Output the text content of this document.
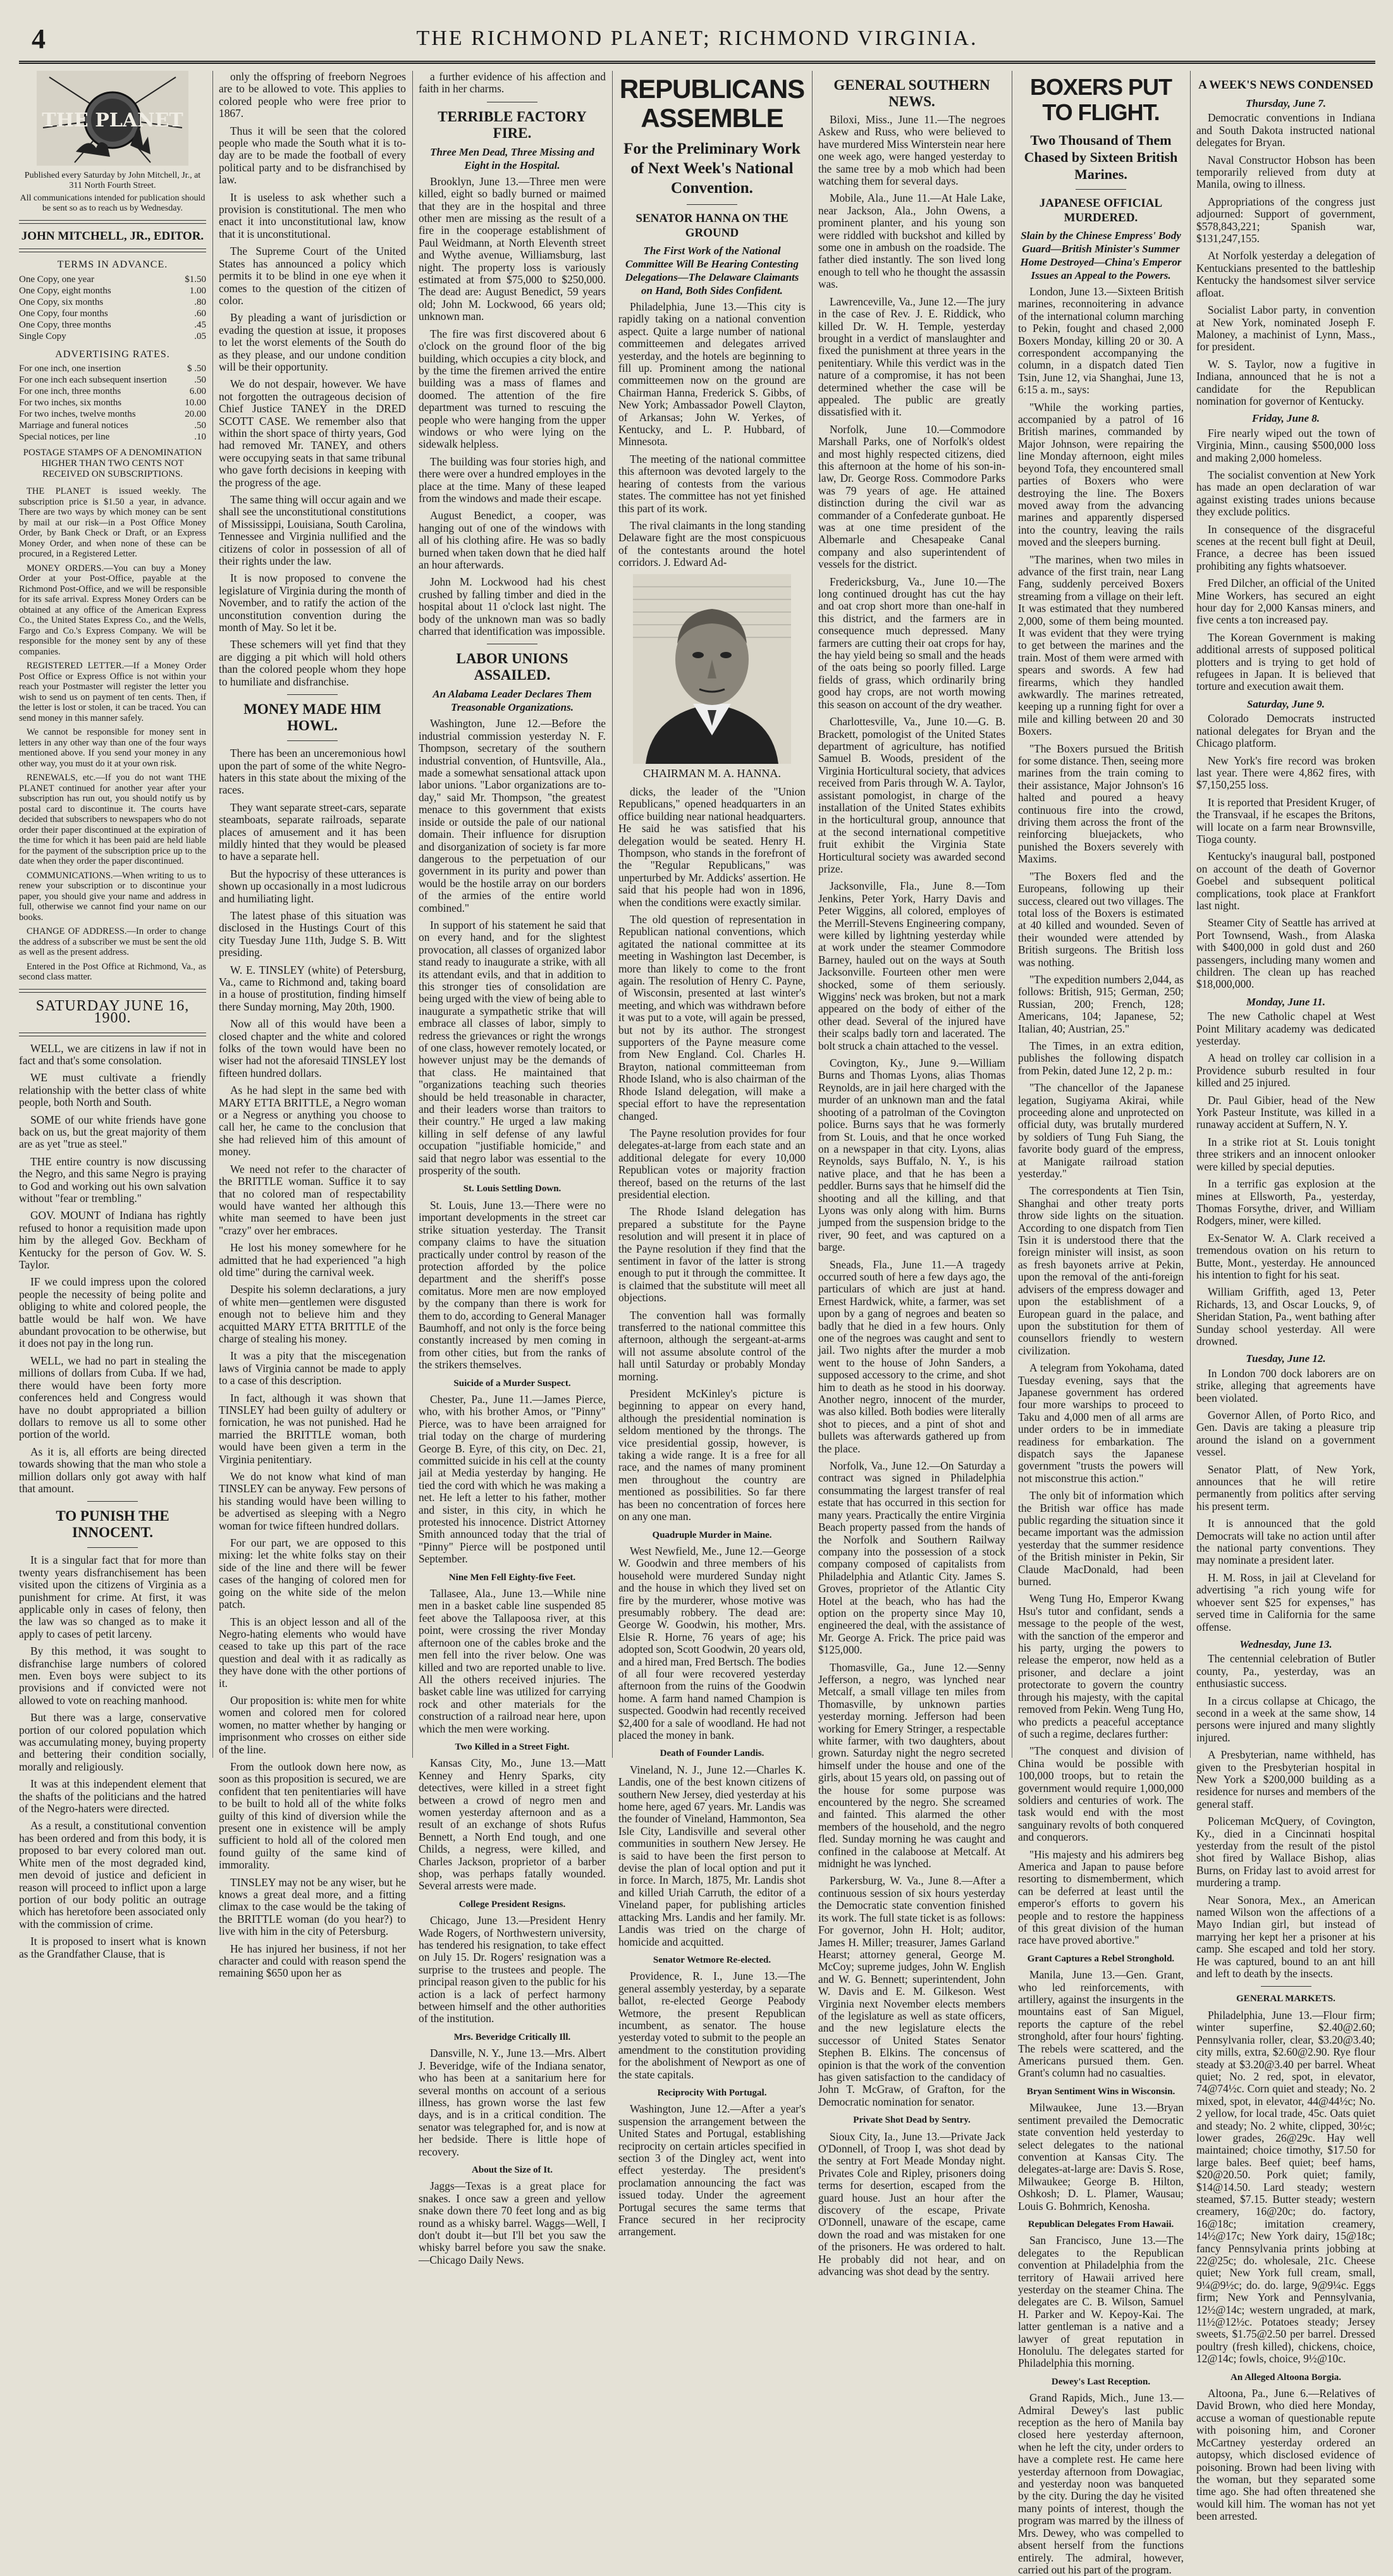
4	THE RICHMOND PLANET; RICHMOND VIRGINIA.
THE PLANET
Published every Saturday by John Mitchell, Jr., at 311 North Fourth Street.
All communications intended for publication should be sent so as to reach us by Wednesday.
JOHN MITCHELL, JR., EDITOR.
TERMS IN ADVANCE.
One Copy, one year	$1.50
One Copy, eight months	1.00
One Copy, six months	.80
One Copy, four months	.60
One Copy, three months	.45
Single Copy	.05
ADVERTISING RATES.
For one inch, one insertion	$ .50
For one inch each subsequent insertion	.50
For one inch, three months	6.00
For two inches, six months	10.00
For two inches, twelve months	20.00
Marriage and funeral notices	.50
Special notices, per line	.10
POSTAGE STAMPS OF A DENOMINATION HIGHER THAN TWO CENTS NOT RECEIVED ON SUBSCRIPTIONS.

THE PLANET is issued weekly. The subscription price is $1.50 a year, in advance. There are two ways by which money can be sent by mail at our risk—in a Post Office Money Order, by Bank Check or Draft, or an Express Money Order, and when none of these can be procured, in a Registered Letter.

MONEY ORDERS.—You can buy a Money Order at your Post-Office, payable at the Richmond Post-Office, and we will be responsible for its safe arrival. Express Money Orders can be obtained at any office of the American Express Co., the United States Express Co., and the Wells, Fargo and Co.'s Express Company. We will be responsible for the money sent by any of these companies.

REGISTERED LETTER.—If a Money Order Post Office or Express Office is not within your reach your Postmaster will register the letter you wish to send us on payment of ten cents. Then, if the letter is lost or stolen, it can be traced. You can send money in this manner safely.

We cannot be responsible for money sent in letters in any other way than one of the four ways mentioned above. If you send your money in any other way, you must do it at your own risk.

RENEWALS, etc.—If you do not want THE PLANET continued for another year after your subscription has run out, you should notify us by postal card to discontinue it. The courts have decided that subscribers to newspapers who do not order their paper discontinued at the expiration of the time for which it has been paid are held liable for the payment of the subscription price up to the date when they order the paper discontinued.

COMMUNICATIONS.—When writing to us to renew your subscription or to discontinue your paper, you should give your name and address in full, otherwise we cannot find your name on our books.

CHANGE OF ADDRESS.—In order to change the address of a subscriber we must be sent the old as well as the present address.

Entered in the Post Office at Richmond, Va., as second class matter.

SATURDAY JUNE 16, 1900.

WELL, we are citizens in law if not in fact and that's some consolation.

WE must cultivate a friendly relationship with the better class of white people, both North and South.

SOME of our white friends have gone back on us, but the great majority of them are as yet "true as steel."

THE entire country is now discussing the Negro, and this same Negro is praying to God and working out his own salvation without "fear or trembling."

GOV. MOUNT of Indiana has rightly refused to honor a requisition made upon him by the alleged Gov. Beckham of Kentucky for the person of Gov. W. S. Taylor.

IF we could impress upon the colored people the necessity of being polite and obliging to white and colored people, the battle would be half won. We have abundant provocation to be otherwise, but it does not pay in the long run.

WELL, we had no part in stealing the millions of dollars from Cuba. If we had, there would have been forty more conferences held and Congress would have no doubt appropriated a billion dollars to remove us all to some other portion of the world.

As it is, all efforts are being directed towards showing that the man who stole a million dollars only got away with half that amount.

TO PUNISH THE INNOCENT.

It is a singular fact that for more than twenty years disfranchisement has been visited upon the citizens of Virginia as a punishment for crime. At first, it was applicable only in cases of felony, then the law was so changed as to make it apply to cases of petit larceny.

By this method, it was sought to disfranchise large numbers of colored men. Even boys were subject to its provisions and if convicted were not allowed to vote on reaching manhood.

But there was a large, conservative portion of our colored population which was accumulating money, buying property and bettering their condition socially, morally and religiously.

It was at this independent element that the shafts of the politicians and the hatred of the Negro-haters were directed.

As a result, a constitutional convention has been ordered and from this body, it is proposed to bar every colored man out. White men of the most degraded kind, men devoid of justice and deficient in reason will proceed to inflict upon a large portion of our body politic an outrage which has heretofore been associated only with the commission of crime.

It is proposed to insert what is known as the Grandfather Clause, that is

only the offspring of freeborn Negroes are to be allowed to vote. This applies to colored people who were free prior to 1867.

Thus it will be seen that the colored people who made the South what it is to-day are to be made the football of every political party and to be disfranchised by law.

It is useless to ask whether such a provision is constitutional. The men who enact it into unconstitutional law, know that it is unconstitutional.

The Supreme Court of the United States has announced a policy which permits it to be blind in one eye when it comes to the question of the citizen of color.

By pleading a want of jurisdiction or evading the question at issue, it proposes to let the worst elements of the South do as they please, and our undone condition will be their opportunity.

We do not despair, however. We have not forgotten the outrageous decision of Chief Justice TANEY in the DRED SCOTT CASE. We remember also that within the short space of thirty years, God had removed Mr. TANEY, and others were occupying seats in that same tribunal who gave forth decisions in keeping with the progress of the age.

The same thing will occur again and we shall see the unconstitutional constitutions of Mississippi, Louisiana, South Carolina, Tennessee and Virginia nullified and the citizens of color in possession of all of their rights under the law.

It is now proposed to convene the legislature of Virginia during the month of November, and to ratify the action of the unconstitution convention during the month of May. So let it be.

These schemers will yet find that they are digging a pit which will hold others than the colored people whom they hope to humiliate and disfranchise.

MONEY MADE HIM HOWL.

There has been an unceremonious howl upon the part of some of the white Negro-haters in this state about the mixing of the races.

They want separate street-cars, separate steamboats, separate railroads, separate places of amusement and it has been mildly hinted that they would be pleased to have a separate hell.

But the hypocrisy of these utterances is shown up occasionally in a most ludicrous and humiliating light.

The latest phase of this situation was disclosed in the Hustings Court of this city Tuesday June 11th, Judge S. B. Witt presiding.

W. E. TINSLEY (white) of Petersburg, Va., came to Richmond and, taking board in a house of prostitution, finding himself there Sunday morning, May 20th, 1900.

Now all of this would have been a closed chapter and the white and colored folks of the town would have been no wiser had not the aforesaid TINSLEY lost fifteen hundred dollars.

As he had slept in the same bed with MARY ETTA BRITTLE, a Negro woman or a Negress or anything you choose to call her, he came to the conclusion that she had relieved him of this amount of money.

We need not refer to the character of the BRITTLE woman. Suffice it to say that no colored man of respectability would have wanted her although this white man seemed to have been just "crazy" over her embraces.

He lost his money somewhere for he admitted that he had experienced "a high old time" during the carnival week.

Despite his solemn declarations, a jury of white men—gentlemen were disgusted enough not to believe him and they acquitted MARY ETTA BRITTLE of the charge of stealing his money.

It was a pity that the miscegenation laws of Virginia cannot be made to apply to a case of this description.

In fact, although it was shown that TINSLEY had been guilty of adultery or fornication, he was not punished. Had he married the BRITTLE woman, both would have been given a term in the Virginia penitentiary.

We do not know what kind of man TINSLEY can be anyway. Few persons of his standing would have been willing to be advertised as sleeping with a Negro woman for twice fifteen hundred dollars.

For our part, we are opposed to this mixing: let the white folks stay on their side of the line and there will be fewer cases of the hanging of colored men for going on the white side of the melon patch.

This is an object lesson and all of the Negro-hating elements who would have ceased to take up this part of the race question and deal with it as radically as they have done with the other portions of it.

Our proposition is: white men for white women and colored men for colored women, no matter whether by hanging or imprisonment who crosses on either side of the line.

From the outlook down here now, as soon as this proposition is secured, we are confident that ten penitentiaries will have to be built to hold all of the white folks guilty of this kind of diversion while the present one in existence will be amply sufficient to hold all of the colored men found guilty of the same kind of immorality.

TINSLEY may not be any wiser, but he knows a great deal more, and a fitting climax to the case would be the taking of the BRITTLE woman (do you hear?) to live with him in the city of Petersburg.

He has injured her business, if not her character and could with reason spend the remaining $650 upon her as

a further evidence of his affection and faith in her charms.

TERRIBLE FACTORY FIRE.
Three Men Dead, Three Missing and Eight in the Hospital.

Brooklyn, June 13.—Three men were killed, eight so badly burned or maimed that they are in the hospital and three other men are missing as the result of a fire in the cooperage establishment of Paul Weidmann, at North Eleventh street and Wythe avenue, Williamsburg, last night. The property loss is variously estimated at from $75,000 to $250,000. The dead are: August Benedict, 59 years old; John M. Lockwood, 66 years old; unknown man.

The fire was first discovered about 6 o'clock on the ground floor of the big building, which occupies a city block, and by the time the firemen arrived the entire building was a mass of flames and doomed. The attention of the fire department was turned to rescuing the people who were hanging from the upper windows or who were lying on the sidewalk helpless.

The building was four stories high, and there were over a hundred employes in the place at the time. Many of these leaped from the windows and made their escape.

August Benedict, a cooper, was hanging out of one of the windows with all of his clothing afire. He was so badly burned when taken down that he died half an hour afterwards.

John M. Lockwood had his chest crushed by falling timber and died in the hospital about 11 o'clock last night. The body of the unknown man was so badly charred that identification was impossible.

LABOR UNIONS ASSAILED.
An Alabama Leader Declares Them Treasonable Organizations.

Washington, June 12.—Before the industrial commission yesterday N. F. Thompson, secretary of the southern industrial convention, of Huntsville, Ala., made a somewhat sensational attack upon labor unions. "Labor organizations are to-day," said Mr. Thompson, "the greatest menace to this government that exists inside or outside the pale of our national domain. Their influence for disruption and disorganization of society is far more dangerous to the perpetuation of our government in its purity and power than would be the hostile array on our borders of the armies of the entire world combined."

In support of his statement he said that on every hand, and for the slightest provocation, all classes of organized labor stand ready to inaugurate a strike, with all its attendant evils, and that in addition to this stronger ties of consolidation are being urged with the view of being able to inaugurate a sympathetic strike that will embrace all classes of labor, simply to redress the grievances or right the wrongs of one class, however remotely located, or however unjust may be the demands of that class. He maintained that "organizations teaching such theories should be held treasonable in character, and their leaders worse than traitors to their country." He urged a law making killing in self defense of any lawful occupation "justifiable homicide," and said that negro labor was essential to the prosperity of the south.

St. Louis Settling Down.

St. Louis, June 13.—There were no important developments in the street car strike situation yesterday. The Transit company claims to have the situation practically under control by reason of the protection afforded by the police department and the sheriff's posse comitatus. More men are now employed by the company than there is work for them to do, according to General Manager Baumhoff, and not only is the force being constantly increased by men coming in from other cities, but from the ranks of the strikers themselves.

Suicide of a Murder Suspect.

Chester, Pa., June 11.—James Pierce, who, with his brother Amos, or "Pinny" Pierce, was to have been arraigned for trial today on the charge of murdering George B. Eyre, of this city, on Dec. 21, committed suicide in his cell at the county jail at Media yesterday by hanging. He tied the cord with which he was making a net. He left a letter to his father, mother and sister, in this city, in which he protested his innocence. District Attorney Smith announced today that the trial of "Pinny" Pierce will be postponed until September.

Nine Men Fell Eighty-five Feet.

Tallasee, Ala., June 13.—While nine men in a basket cable line suspended 85 feet above the Tallapoosa river, at this point, were crossing the river Monday afternoon one of the cables broke and the men fell into the river below. One was killed and two are reported unable to live. All the others received injuries. The basket cable line was utilized for carrying rock and other materials for the construction of a railroad near here, upon which the men were working.

Two Killed in a Street Fight.

Kansas City, Mo., June 13.—Matt Kenney and Henry Sparks, city detectives, were killed in a street fight between a crowd of negro men and women yesterday afternoon and as a result of an exchange of shots Rufus Bennett, a North End tough, and one Childs, a negress, were killed, and Charles Jackson, proprietor of a barber shop, was perhaps fatally wounded. Several arrests were made.

College President Resigns.

Chicago, June 13.—President Henry Wade Rogers, of Northwestern university, has tendered his resignation, to take effect on July 15. Dr. Rogers' resignation was a surprise to the trustees and people. The principal reason given to the public for his action is a lack of perfect harmony between himself and the other authorities of the institution.

Mrs. Beveridge Critically Ill.

Dansville, N. Y., June 13.—Mrs. Albert J. Beveridge, wife of the Indiana senator, who has been at a sanitarium here for several months on account of a serious illness, has grown worse the last few days, and is in a critical condition. The senator was telegraphed for, and is now at her bedside. There is little hope of recovery.

About the Size of It.

Jaggs—Texas is a great place for snakes. I once saw a green and yellow snake down there 70 feet long and as big round as a whisky barrel. Waggs—Well, I don't doubt it—but I'll bet you saw the whisky barrel before you saw the snake.—Chicago Daily News.

REPUBLICANS ASSEMBLE
For the Preliminary Work of Next Week's National Convention.
SENATOR HANNA ON THE GROUND
The First Work of the National Committee Will Be Hearing Contesting Delegations—The Delaware Claimants on Hand, Both Sides Confident.

Philadelphia, June 13.—This city is rapidly taking on a national convention aspect. Quite a large number of national committeemen and delegates arrived yesterday, and the hotels are beginning to fill up. Prominent among the national committeemen now on the ground are Chairman Hanna, Frederick S. Gibbs, of New York; Ambassador Powell Clayton, of Arkansas; John W. Yerkes, of Kentucky, and L. P. Hubbard, of Minnesota.

The meeting of the national committee this afternoon was devoted largely to the hearing of contests from the various states. The committee has not yet finished this part of its work.

The rival claimants in the long standing Delaware fight are the most conspicuous of the contestants around the hotel corridors. J. Edward Ad-

CHAIRMAN M. A. HANNA.

dicks, the leader of the "Union Republicans," opened headquarters in an office building near national headquarters. He said he was satisfied that his delegation would be seated. Henry H. Thompson, who stands in the forefront of the "Regular Republicans," was unperturbed by Mr. Addicks' assertion. He said that his people had won in 1896, when the conditions were exactly similar.

The old question of representation in Republican national conventions, which agitated the national committee at its meeting in Washington last December, is more than likely to come to the front again. The resolution of Henry C. Payne, of Wisconsin, presented at last winter's meeting, and which was withdrawn before it was put to a vote, will again be pressed, but not by its author. The strongest supporters of the Payne measure come from New England. Col. Charles H. Brayton, national committeeman from Rhode Island, who is also chairman of the Rhode Island delegation, will make a special effort to have the representation changed.

The Payne resolution provides for four delegates-at-large from each state and an additional delegate for every 10,000 Republican votes or majority fraction thereof, based on the returns of the last presidential election.

The Rhode Island delegation has prepared a substitute for the Payne resolution and will present it in place of the Payne resolution if they find that the sentiment in favor of the latter is strong enough to put it through the committee. It is claimed that the substitute will meet all objections.

The convention hall was formally transferred to the national committee this afternoon, although the sergeant-at-arms will not assume absolute control of the hall until Saturday or probably Monday morning.

President McKinley's picture is beginning to appear on every hand, although the presidential nomination is seldom mentioned by the throngs. The vice presidential gossip, however, is taking a wide range. It is a free for all race, and the names of many prominent men throughout the country are mentioned as possibilities. So far there has been no concentration of forces here on any one man.

Quadruple Murder in Maine.

West Newfield, Me., June 12.—George W. Goodwin and three members of his household were murdered Sunday night and the house in which they lived set on fire by the murderer, whose motive was presumably robbery. The dead are: George W. Goodwin, his mother, Mrs. Elsie R. Horne, 76 years of age; his adopted son, Scott Goodwin, 20 years old, and a hired man, Fred Bertsch. The bodies of all four were recovered yesterday afternoon from the ruins of the Goodwin home. A farm hand named Champion is suspected. Goodwin had recently received $2,400 for a sale of woodland. He had not placed the money in bank.

Death of Founder Landis.

Vineland, N. J., June 12.—Charles K. Landis, one of the best known citizens of southern New Jersey, died yesterday at his home here, aged 67 years. Mr. Landis was the founder of Vineland, Hammonton, Sea Isle City, Landisville and several other communities in southern New Jersey. He is said to have been the first person to devise the plan of local option and put it in force. In March, 1875, Mr. Landis shot and killed Uriah Carruth, the editor of a Vineland paper, for publishing articles attacking Mrs. Landis and her family. Mr. Landis was tried on the charge of homicide and acquitted.

Senator Wetmore Re-elected.

Providence, R. I., June 13.—The general assembly yesterday, by a separate ballot, re-elected George Peabody Wetmore, the present Republican incumbent, as senator. The house yesterday voted to submit to the people an amendment to the constitution providing for the abolishment of Newport as one of the state capitals.

Reciprocity With Portugal.

Washington, June 12.—After a year's suspension the arrangement between the United States and Portugal, establishing reciprocity on certain articles specified in section 3 of the Dingley act, went into effect yesterday. The president's proclamation announcing the fact was issued today. Under the agreement Portugal secures the same terms that France secured in her reciprocity arrangement.

GENERAL SOUTHERN NEWS.

Biloxi, Miss., June 11.—The negroes Askew and Russ, who were believed to have murdered Miss Winterstein near here one week ago, were hanged yesterday to the same tree by a mob which had been watching them for several days.

Mobile, Ala., June 11.—At Hale Lake, near Jackson, Ala., John Owens, a prominent planter, and his young son were riddled with buckshot and killed by some one in ambush on the roadside. The father died instantly. The son lived long enough to tell who he thought the assassin was.

Lawrenceville, Va., June 12.—The jury in the case of Rev. J. E. Riddick, who killed Dr. W. H. Temple, yesterday brought in a verdict of manslaughter and fixed the punishment at three years in the penitentiary. While this verdict was in the nature of a compromise, it has not been determined whether the case will be appealed. The public are greatly dissatisfied with it.

Norfolk, June 10.—Commodore Marshall Parks, one of Norfolk's oldest and most highly respected citizens, died this afternoon at the home of his son-in-law, Dr. George Ross. Commodore Parks was 79 years of age. He attained distinction during the civil war as commander of a Confederate gunboat. He was at one time president of the Albemarle and Chesapeake Canal company and also superintendent of vessels for the district.

Fredericksburg, Va., June 10.—The long continued drought has cut the hay and oat crop short more than one-half in this district, and the farmers are in consequence much depressed. Many farmers are cutting their oat crops for hay, the hay yield being so small and the heads of the oats being so poorly filled. Large fields of grass, which ordinarily bring good hay crops, are not worth mowing this season on account of the dry weather.

Charlottesville, Va., June 10.—G. B. Brackett, pomologist of the United States department of agriculture, has notified Samuel B. Woods, president of the Virginia Horticultural society, that advices received from Paris through W. A. Taylor, assistant pomologist, in charge of the installation of the United States exhibits in the horticultural group, announce that at the second international competitive fruit exhibit the Virginia State Horticultural society was awarded second prize.

Jacksonville, Fla., June 8.—Tom Jenkins, Peter York, Harry Davis and Peter Wiggins, all colored, employes of the Merrill-Stevens Engineering company, were killed by lightning yesterday while at work under the steamer Commodore Barney, hauled out on the ways at South Jacksonville. Fourteen other men were shocked, some of them seriously. Wiggins' neck was broken, but not a mark appeared on the body of either of the other dead. Several of the injured have their scalps badly torn and lacerated. The bolt struck a chain attached to the vessel.

Covington, Ky., June 9.—William Burns and Thomas Lyons, alias Thomas Reynolds, are in jail here charged with the murder of an unknown man and the fatal shooting of a patrolman of the Covington police. Burns says that he was formerly from St. Louis, and that he once worked on a newspaper in that city. Lyons, alias Reynolds, says Buffalo, N. Y., is his native place, and that he has been a peddler. Burns says that he himself did the shooting and all the killing, and that Lyons was only along with him. Burns jumped from the suspension bridge to the river, 90 feet, and was captured on a barge.

Sneads, Fla., June 11.—A tragedy occurred south of here a few days ago, the particulars of which are just at hand. Ernest Hardwick, white, a farmer, was set upon by a gang of negroes and beaten so badly that he died in a few hours. Only one of the negroes was caught and sent to jail. Two nights after the murder a mob went to the house of John Sanders, a supposed accessory to the crime, and shot him to death as he stood in his doorway. Another negro, innocent of the murder, was also killed. Both bodies were literally shot to pieces, and a pint of shot and bullets was afterwards gathered up from the place.

Norfolk, Va., June 12.—On Saturday a contract was signed in Philadelphia consummating the largest transfer of real estate that has occurred in this section for many years. Practically the entire Virginia Beach property passed from the hands of the Norfolk and Southern Railway company into the possession of a stock company composed of capitalists from Philadelphia and Atlantic City. James S. Groves, proprietor of the Atlantic City Hotel at the beach, who has had the option on the property since May 10, engineered the deal, with the assistance of Mr. George A. Frick. The price paid was $125,000.

Thomasville, Ga., June 12.—Senny Jefferson, a negro, was lynched near Metcalf, a small village ten miles from Thomasville, by unknown parties yesterday morning. Jefferson had been working for Emery Stringer, a respectable white farmer, with two daughters, about grown. Saturday night the negro secreted himself under the house and one of the girls, about 15 years old, on passing out of the house for some purpose was encountered by the negro. She screamed and fainted. This alarmed the other members of the household, and the negro fled. Sunday morning he was caught and confined in the calaboose at Metcalf. At midnight he was lynched.

Parkersburg, W. Va., June 8.—After a continuous session of six hours yesterday the Democratic state convention finished its work. The full state ticket is as follows: For governor, John H. Holt; auditor, James H. Miller; treasurer, James Garland Hearst; attorney general, George M. McCoy; supreme judges, John W. English and W. G. Bennett; superintendent, John W. Davis and E. M. Gilkeson. West Virginia next November elects members of the legislature as well as state officers, and the new legislature elects the successor of United States Senator Stephen B. Elkins. The concensus of opinion is that the work of the convention has given satisfaction to the candidacy of John T. McGraw, of Grafton, for the Democratic nomination for senator.

Private Shot Dead by Sentry.

Sioux City, Ia., June 13.—Private Jack O'Donnell, of Troop I, was shot dead by the sentry at Fort Meade Monday night. Privates Cole and Ripley, prisoners doing terms for desertion, escaped from the guard house. Just an hour after the discovery of the escape, Private O'Donnell, unaware of the escape, came down the road and was mistaken for one of the prisoners. He was ordered to halt. He probably did not hear, and on advancing was shot dead by the sentry.

BOXERS PUT TO FLIGHT.
Two Thousand of Them Chased by Sixteen British Marines.
JAPANESE OFFICIAL MURDERED.
Slain by the Chinese Empress' Body Guard—British Minister's Summer Home Destroyed—China's Emperor Issues an Appeal to the Powers.

London, June 13.—Sixteen British marines, reconnoitering in advance of the international column marching to Pekin, fought and chased 2,000 Boxers Monday, killing 20 or 30. A correspondent accompanying the column, in a dispatch dated Tien Tsin, June 12, via Shanghai, June 13, 6:15 a. m., says:

"While the working parties, accompanied by a patrol of 16 British marines, commanded by Major Johnson, were repairing the line Monday afternoon, eight miles beyond Tofa, they encountered small parties of Boxers who were destroying the line. The Boxers moved away from the advancing marines and apparently dispersed into the country, leaving the rails moved and the sleepers burning.

"The marines, when two miles in advance of the first train, near Lang Fang, suddenly perceived Boxers streaming from a village on their left. It was estimated that they numbered 2,000, some of them being mounted. It was evident that they were trying to get between the marines and the train. Most of them were armed with spears and swords. A few had firearms, which they handled awkwardly. The marines retreated, keeping up a running fight for over a mile and killing between 20 and 30 Boxers.

"The Boxers pursued the British for some distance. Then, seeing more marines from the train coming to their assistance, Major Johnson's 16 halted and poured a heavy continuous fire into the crowd, driving them across the front of the reinforcing bluejackets, who punished the Boxers severely with Maxims.

"The Boxers fled and the Europeans, following up their success, cleared out two villages. The total loss of the Boxers is estimated at 40 killed and wounded. Seven of their wounded were attended by British surgeons. The British loss was nothing.

"The expedition numbers 2,044, as follows: British, 915; German, 250; Russian, 200; French, 128; Americans, 104; Japanese, 52; Italian, 40; Austrian, 25."

The Times, in an extra edition, publishes the following dispatch from Pekin, dated June 12, 2 p. m.:

"The chancellor of the Japanese legation, Sugiyama Akirai, while proceeding alone and unprotected on official duty, was brutally murdered by soldiers of Tung Fuh Siang, the favorite body guard of the empress, at Manigate railroad station yesterday."

The correspondents at Tien Tsin, Shanghai and other treaty ports throw side lights on the situation. According to one dispatch from Tien Tsin it is understood there that the foreign minister will insist, as soon as fresh bayonets arrive at Pekin, upon the removal of the anti-foreign advisers of the empress dowager and upon the establishment of a European guard in the palace, and upon the substitution for them of counsellors friendly to western civilization.

A telegram from Yokohama, dated Tuesday evening, says that the Japanese government has ordered four more warships to proceed to Taku and 4,000 men of all arms are under orders to be in immediate readiness for embarkation. The dispatch says the Japanese government "trusts the powers will not misconstrue this action."

The only bit of information which the British war office has made public regarding the situation since it became important was the admission yesterday that the summer residence of the British minister in Pekin, Sir Claude MacDonald, had been burned.

Weng Tung Ho, Emperor Kwang Hsu's tutor and confidant, sends a message to the people of the west, with the sanction of the emperor and his party, urging the powers to release the emperor, now held as a prisoner, and declare a joint protectorate to govern the country through his majesty, with the capital removed from Pekin. Weng Tung Ho, who predicts a peaceful acceptance of such a regime, declares further:

"The conquest and division of China would be possible with 100,000 troops, but to retain the government would require 1,000,000 soldiers and centuries of work. The task would end with the most sanguinary revolts of both conquered and conquerors.

"His majesty and his admirers beg America and Japan to pause before resorting to dismemberment, which can be deferred at least until the emperor's efforts to govern his people and to restore the happiness of this great division of the human race have proved abortive."

Grant Captures a Rebel Stronghold.

Manila, June 13.—Gen. Grant, who led reinforcements, with artillery, against the insurgents in the mountains east of San Miguel, reports the capture of the rebel stronghold, after four hours' fighting. The rebels were scattered, and the Americans pursued them. Gen. Grant's column had no casualties.

Bryan Sentiment Wins in Wisconsin.

Milwaukee, June 13.—Bryan sentiment prevailed the Democratic state convention held yesterday to select delegates to the national convention at Kansas City. The delegates-at-large are: Davis S. Rose, Milwaukee; George B. Hilton, Oshkosh; D. L. Plamer, Wausau; Louis G. Bohmrich, Kenosha.

Republican Delegates From Hawaii.

San Francisco, June 13.—The delegates to the Republican convention at Philadelphia from the territory of Hawaii arrived here yesterday on the steamer China. The delegates are C. B. Wilson, Samuel H. Parker and W. Kepoy-Kai. The latter gentleman is a native and a lawyer of great reputation in Honolulu. The delegates started for Philadelphia this morning.

Dewey's Last Reception.

Grand Rapids, Mich., June 13.—Admiral Dewey's last public reception as the hero of Manila bay closed here yesterday afternoon, when he left the city, under orders to have a complete rest. He came here yesterday afternoon from Dowagiac, and yesterday noon was banqueted by the city. During the day he visited many points of interest, though the program was marred by the illness of Mrs. Dewey, who was compelled to absent herself from the functions entirely. The admiral, however, carried out his part of the program.

A WEEK'S NEWS CONDENSED
Thursday, June 7.

Democratic conventions in Indiana and South Dakota instructed national delegates for Bryan.

Naval Constructor Hobson has been temporarily relieved from duty at Manila, owing to illness.

Appropriations of the congress just adjourned: Support of government, $578,843,221; Spanish war, $131,247,155.

At Norfolk yesterday a delegation of Kentuckians presented to the battleship Kentucky the handsomest silver service afloat.

Socialist Labor party, in convention at New York, nominated Joseph F. Maloney, a machinist of Lynn, Mass., for president.

W. S. Taylor, now a fugitive in Indiana, announced that he is not a candidate for the Republican nomination for governor of Kentucky.

Friday, June 8.

Fire nearly wiped out the town of Virginia, Minn., causing $500,000 loss and making 2,000 homeless.

The socialist convention at New York has made an open declaration of war against existing trades unions because they exclude politics.

In consequence of the disgraceful scenes at the recent bull fight at Deuil, France, a decree has been issued prohibiting any fights whatsoever.

Fred Dilcher, an official of the United Mine Workers, has secured an eight hour day for 2,000 Kansas miners, and five cents a ton increased pay.

The Korean Government is making additional arrests of supposed political plotters and is trying to get hold of refugees in Japan. It is believed that torture and execution await them.

Saturday, June 9.

Colorado Democrats instructed national delegates for Bryan and the Chicago platform.

New York's fire record was broken last year. There were 4,862 fires, with $7,150,255 loss.

It is reported that President Kruger, of the Transvaal, if he escapes the Britons, will locate on a farm near Brownsville, Tioga county.

Kentucky's inaugural ball, postponed on account of the death of Governor Goebel and subsequent political complications, took place at Frankfort last night.

Steamer City of Seattle has arrived at Port Townsend, Wash., from Alaska with $400,000 in gold dust and 260 passengers, including many women and children. The clean up has reached $18,000,000.

Monday, June 11.

The new Catholic chapel at West Point Military academy was dedicated yesterday.

A head on trolley car collision in a Providence suburb resulted in four killed and 25 injured.

Dr. Paul Gibier, head of the New York Pasteur Institute, was killed in a runaway accident at Suffern, N. Y.

In a strike riot at St. Louis tonight three strikers and an innocent onlooker were killed by special deputies.

In a terrific gas explosion at the mines at Ellsworth, Pa., yesterday, Thomas Forsythe, driver, and William Rodgers, miner, were killed.

Ex-Senator W. A. Clark received a tremendous ovation on his return to Butte, Mont., yesterday. He announced his intention to fight for his seat.

William Griffith, aged 13, Peter Richards, 13, and Oscar Loucks, 9, of Sheridan Station, Pa., went bathing after Sunday school yesterday. All were drowned.

Tuesday, June 12.

In London 700 dock laborers are on strike, alleging that agreements have been violated.

Governor Allen, of Porto Rico, and Gen. Davis are taking a pleasure trip around the island on a government vessel.

Senator Platt, of New York, announces that he will retire permanently from politics after serving his present term.

It is announced that the gold Democrats will take no action until after the national party conventions. They may nominate a president later.

H. M. Ross, in jail at Cleveland for advertising "a rich young wife for whoever sent $25 for expenses," has served time in California for the same offense.

Wednesday, June 13.

The centennial celebration of Butler county, Pa., yesterday, was an enthusiastic success.

In a circus collapse at Chicago, the second in a week at the same show, 14 persons were injured and many slightly injured.

A Presbyterian, name withheld, has given to the Presbyterian hospital in New York a $200,000 building as a residence for nurses and members of the general staff.

Policeman McQuery, of Covington, Ky., died in a Cincinnati hospital yesterday from the result of the pistol shot fired by Wallace Bishop, alias Burns, on Friday last to avoid arrest for murdering a tramp.

Near Sonora, Mex., an American named Wilson won the affections of a Mayo Indian girl, but instead of marrying her kept her a prisoner at his camp. She escaped and told her story. He was captured, bound to an ant hill and left to death by the insects.

GENERAL MARKETS.

Philadelphia, June 13.—Flour firm; winter superfine, $2.40@2.60; Pennsylvania roller, clear, $3.20@3.40; city mills, extra, $2.60@2.90. Rye flour steady at $3.20@3.40 per barrel. Wheat quiet; No. 2 red, spot, in elevator, 74@74½c. Corn quiet and steady; No. 2 mixed, spot, in elevator, 44@44½c; No. 2 yellow, for local trade, 45c. Oats quiet and steady; No. 2 white, clipped, 30½c; lower grades, 26@29c. Hay well maintained; choice timothy, $17.50 for large bales. Beef quiet; beef hams, $20@20.50. Pork quiet; family, $14@14.50. Lard steady; western steamed, $7.15. Butter steady; western creamery, 16@20c; do. factory, 16@18c; imitation creamery, 14½@17c; New York dairy, 15@18c; fancy Pennsylvania prints jobbing at 22@25c; do. wholesale, 21c. Cheese quiet; New York full cream, small, 9¼@9½c; do. do. large, 9@9¼c. Eggs firm; New York and Pennsylvania, 12½@14c; western ungraded, at mark, 11½@12½c. Potatoes steady; Jersey sweets, $1.75@2.50 per barrel. Dressed poultry (fresh killed), chickens, choice, 12@14c; fowls, choice, 9½@10c.

An Alleged Altoona Borgia.

Altoona, Pa., June 6.—Relatives of David Brown, who died here Monday, accuse a woman of questionable repute with poisoning him, and Coroner McCartney yesterday ordered an autopsy, which disclosed evidence of poisoning. Brown had been living with the woman, but they separated some time ago. She had often threatened she would kill him. The woman has not yet been arrested.
